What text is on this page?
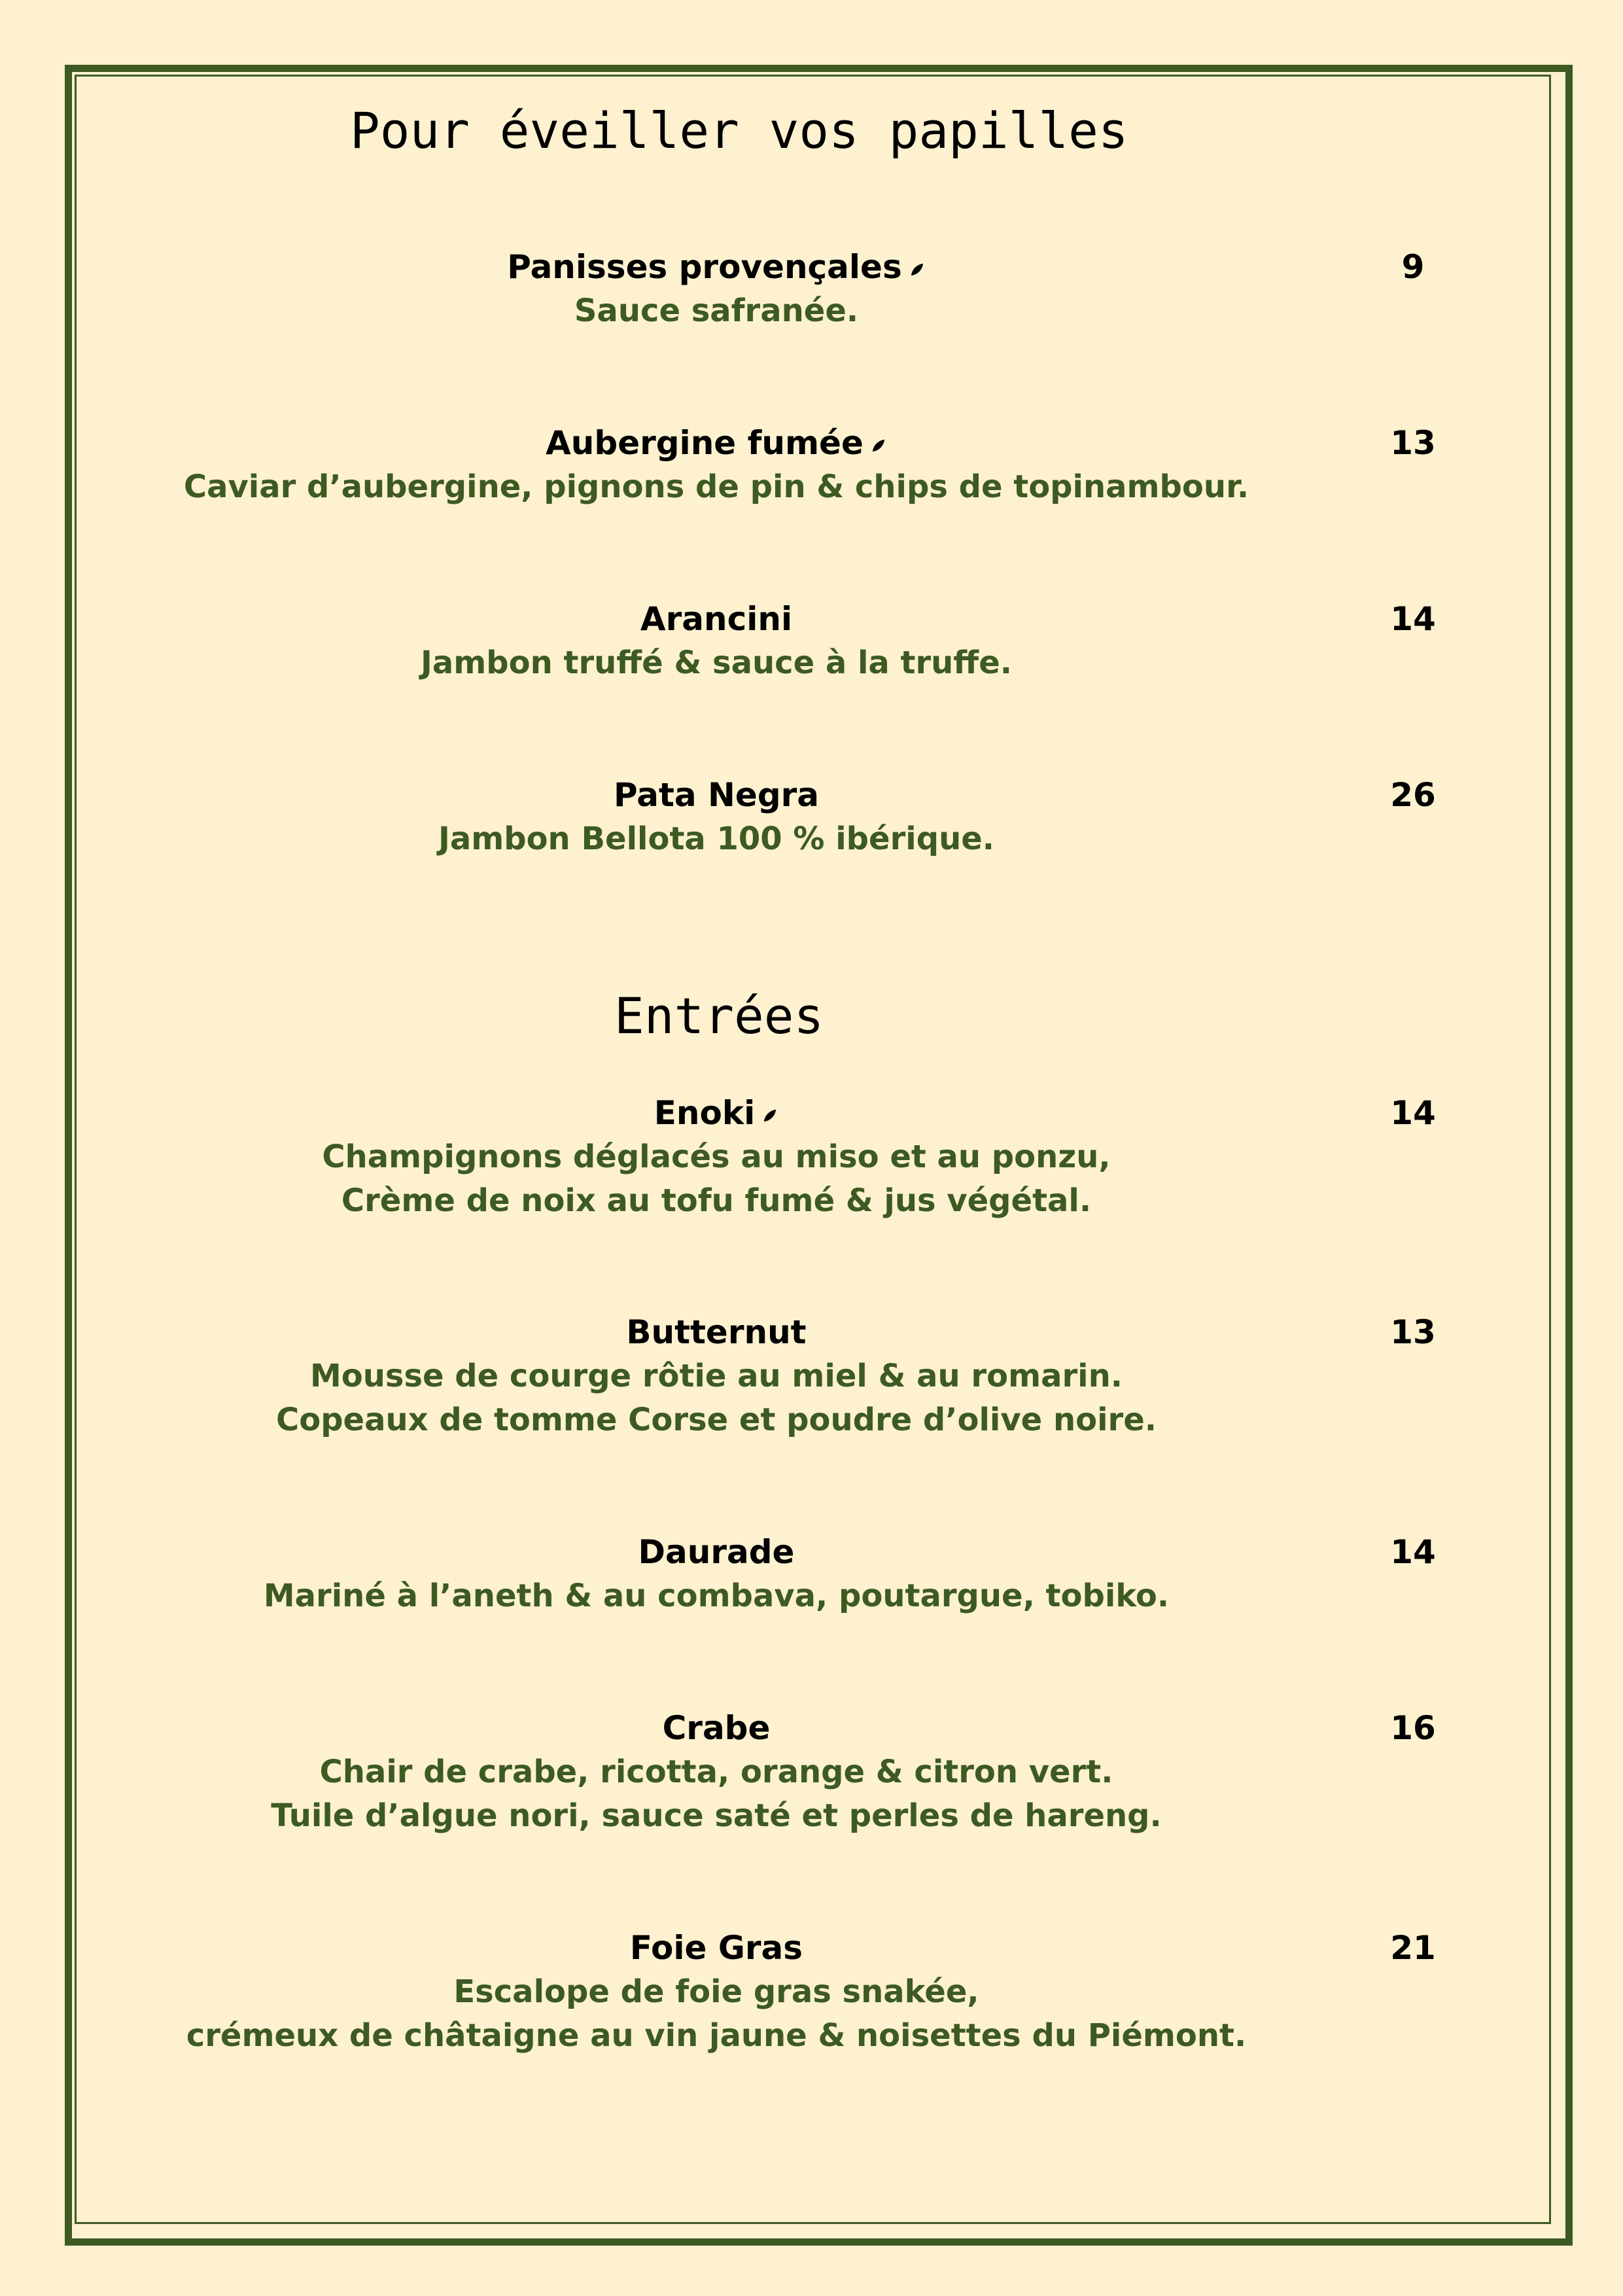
Pour éveiller vos papilles
Panisses provençales
Sauce safranée.
9
Aubergine fumée
Caviar d’aubergine, pignons de pin & chips de topinambour.
13
Arancini
Jambon truffé & sauce à la truffe.
14
Pata Negra
Jambon Bellota 100 % ibérique.
26
Entrées
Enoki
Champignons déglacés au miso et au ponzu,
Crème de noix au tofu fumé & jus végétal.
14
Butternut
Mousse de courge rôtie au miel & au romarin.
Copeaux de tomme Corse et poudre d’olive noire.
13
Daurade
Mariné à l’aneth & au combava, poutargue, tobiko.
14
Crabe
Chair de crabe, ricotta, orange & citron vert.
Tuile d’algue nori, sauce saté et perles de hareng.
16
Foie Gras
Escalope de foie gras snakée,
crémeux de châtaigne au vin jaune & noisettes du Piémont.
21
